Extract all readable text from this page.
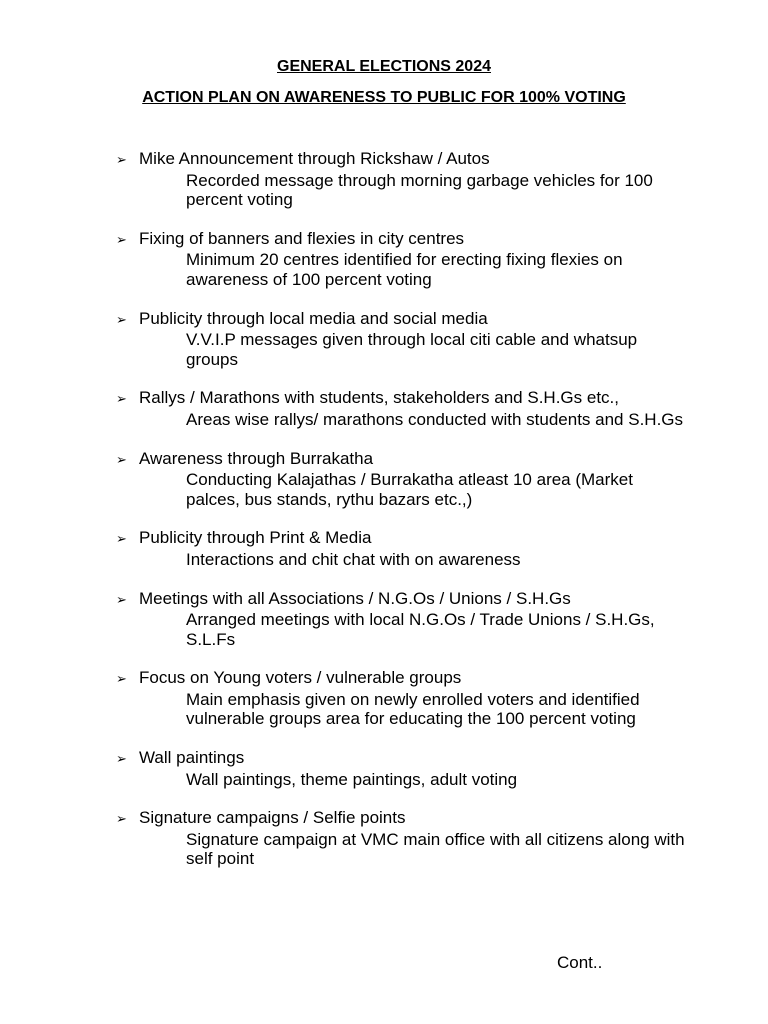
GENERAL ELECTIONS 2024
ACTION PLAN ON AWARENESS TO PUBLIC FOR 100% VOTING
➢ Mike Announcement through Rickshaw / Autos
Recorded message through morning garbage vehicles for 100 percent voting
➢ Fixing of banners and flexies in city centres
Minimum 20 centres identified for erecting fixing flexies on awareness of 100 percent voting
➢ Publicity through local media and social media
V.V.I.P messages given through local citi cable and whatsup groups
➢ Rallys / Marathons with students, stakeholders and S.H.Gs etc.,
Areas wise rallys/ marathons conducted with students and S.H.Gs
➢ Awareness through Burrakatha
Conducting Kalajathas / Burrakatha atleast 10 area (Market palces, bus stands, rythu bazars etc.,)
➢ Publicity through Print & Media
Interactions and chit chat with on awareness
➢ Meetings with all Associations / N.G.Os / Unions / S.H.Gs
Arranged meetings with local N.G.Os / Trade Unions / S.H.Gs, S.L.Fs
➢ Focus on Young voters / vulnerable groups
Main emphasis given on newly enrolled voters and identified vulnerable groups area for educating the 100 percent voting
➢ Wall paintings
Wall paintings, theme paintings, adult voting
➢ Signature campaigns / Selfie points
Signature campaign at VMC main office with all citizens along with self point
Cont..
